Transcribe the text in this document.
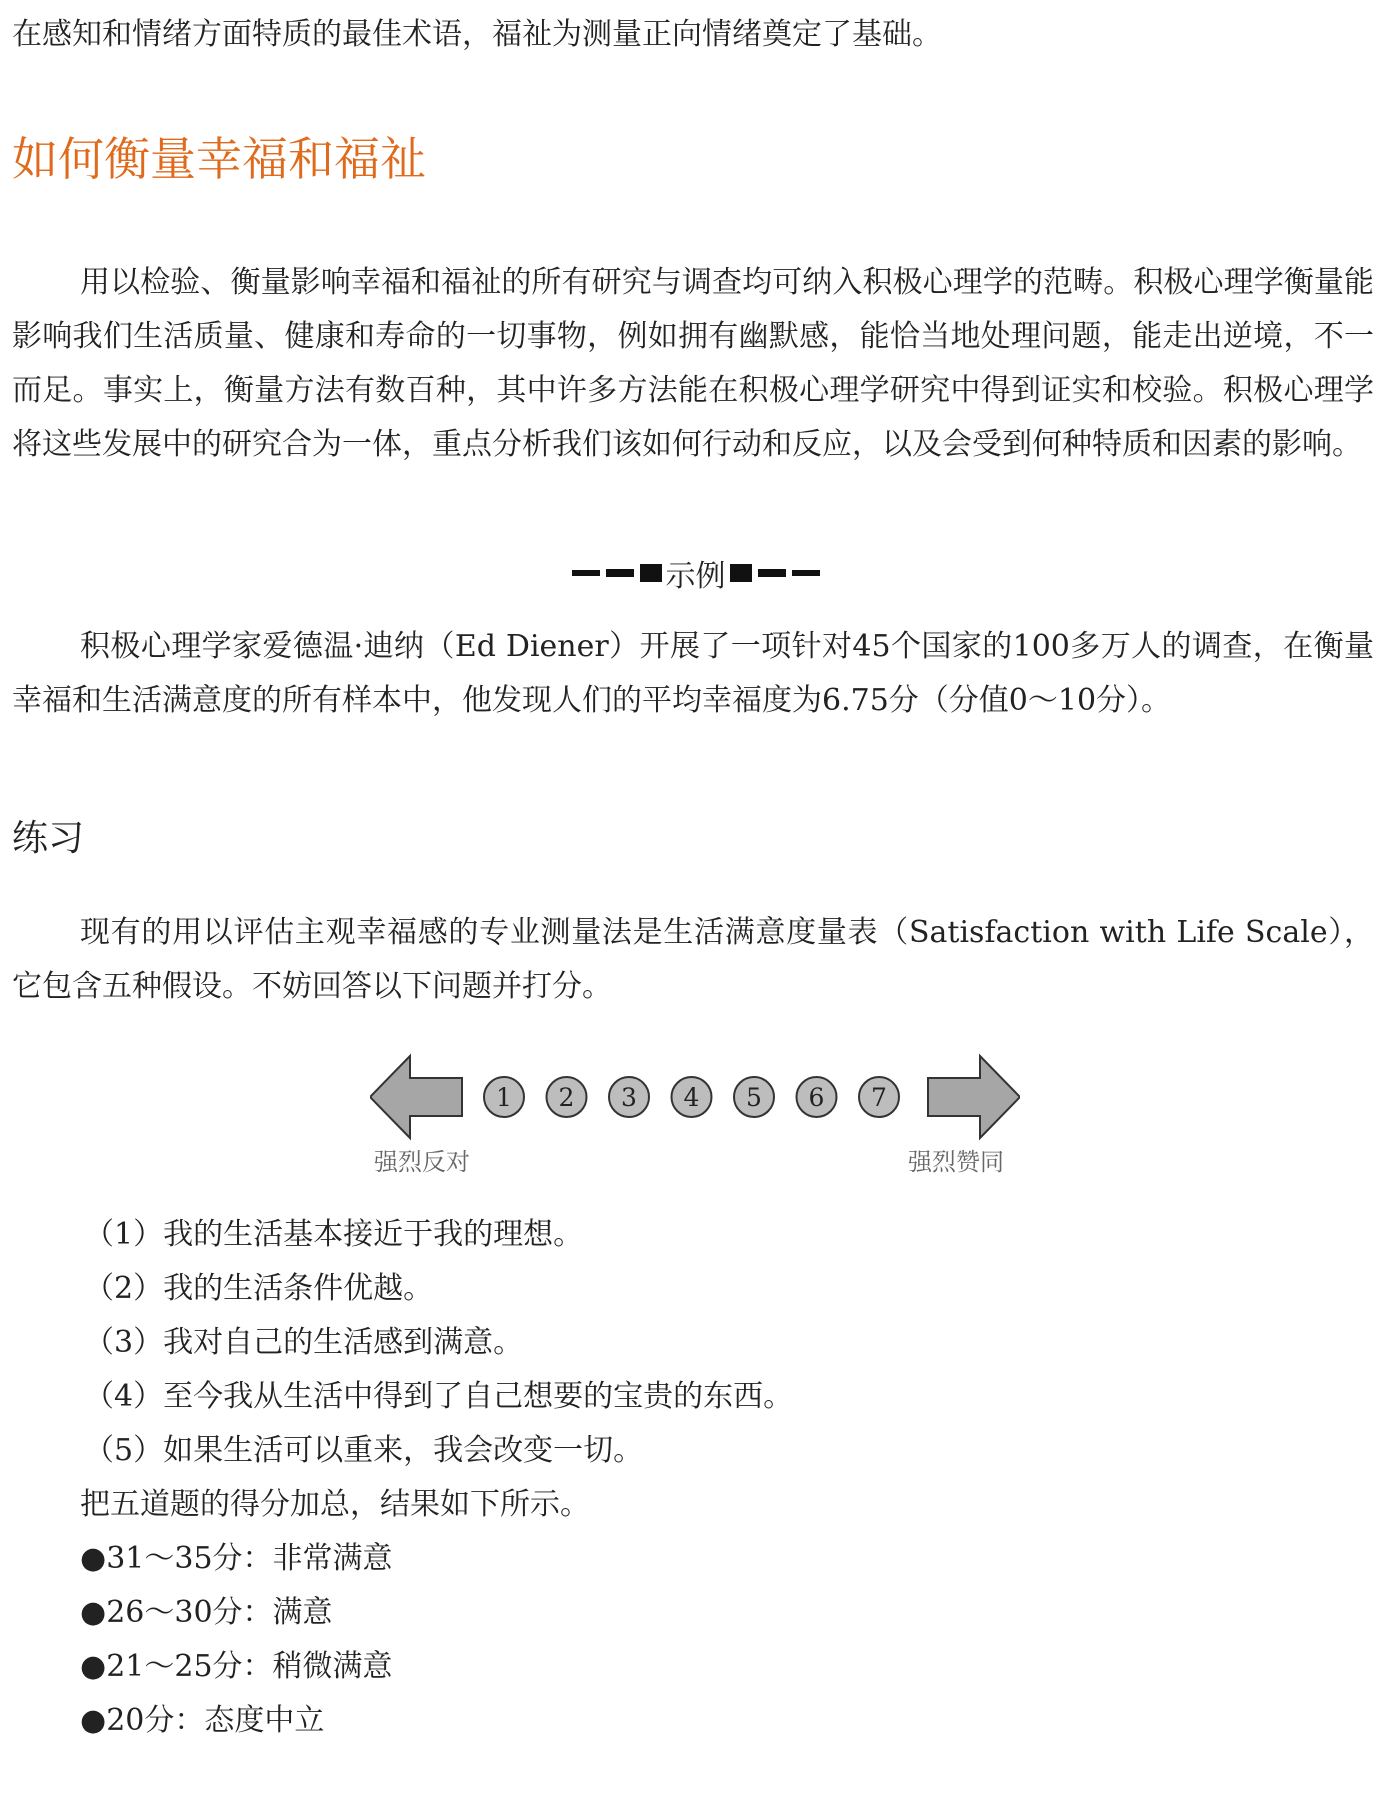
在感知和情绪方面特质的最佳术语，福祉为测量正向情绪奠定了基础。

如何衡量幸福和福祉

用以检验、衡量影响幸福和福祉的所有研究与调查均可纳入积极心理学的范畴。积极心理学衡量能影响我们生活质量、健康和寿命的一切事物，例如拥有幽默感，能恰当地处理问题，能走出逆境，不一而足。事实上，衡量方法有数百种，其中许多方法能在积极心理学研究中得到证实和校验。积极心理学将这些发展中的研究合为一体，重点分析我们该如何行动和反应，以及会受到何种特质和因素的影响。

示例

积极心理学家爱德温·迪纳（Ed Diener）开展了一项针对45个国家的100多万人的调查，在衡量幸福和生活满意度的所有样本中，他发现人们的平均幸福度为6.75分（分值0～10分）。

练习

现有的用以评估主观幸福感的专业测量法是生活满意度量表（Satisfaction with Life Scale），它包含五种假设。不妨回答以下问题并打分。

1 2 3 4 5 6 7

强烈反对	强烈赞同

（1）我的生活基本接近于我的理想。

（2）我的生活条件优越。

（3）我对自己的生活感到满意。

（4）至今我从生活中得到了自己想要的宝贵的东西。

（5）如果生活可以重来，我会改变一切。

把五道题的得分加总，结果如下所示。

● 31～35分：非常满意

● 26～30分：满意

● 21～25分：稍微满意

● 20分：态度中立
